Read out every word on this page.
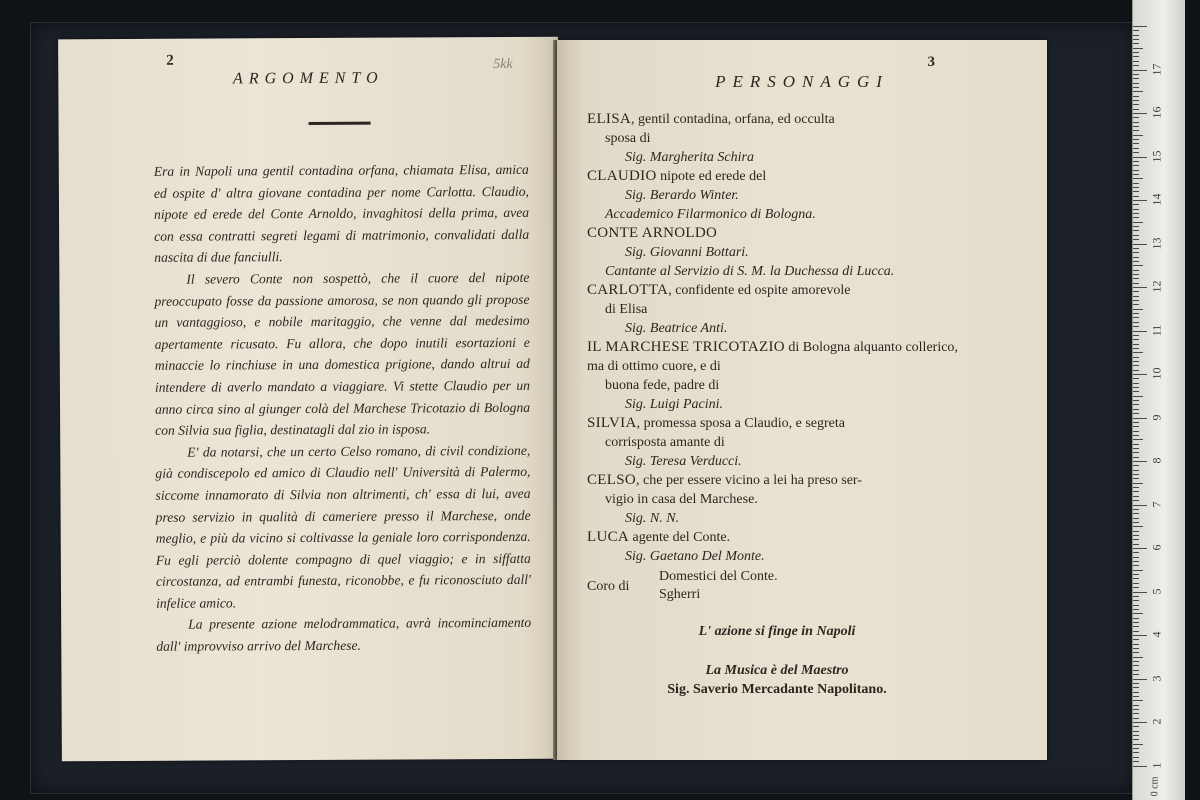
2
ARGOMENTO
5kk

Era in Napoli una gentil contadina orfana, chiamata Elisa, amica ed ospite d' altra giovane contadina per nome Carlotta. Claudio, nipote ed erede del Conte Arnoldo, invaghitosi della prima, avea con essa contratti segreti legami di matrimonio, convalidati dalla nascita di due fanciulli.

Il severo Conte non sospettò, che il cuore del nipote preoccupato fosse da passione amorosa, se non quando gli propose un vantaggioso, e nobile maritaggio, che venne dal medesimo apertamente ricusato. Fu allora, che dopo inutili esortazioni e minaccie lo rinchiuse in una domestica prigione, dando altrui ad intendere di averlo mandato a viaggiare. Vi stette Claudio per un anno circa sino al giunger colà del Marchese Tricotazio di Bologna con Silvia sua figlia, destinatagli dal zio in isposa.

E' da notarsi, che un certo Celso romano, di civil condizione, già condiscepolo ed amico di Claudio nell' Università di Palermo, siccome innamorato di Silvia non altrimenti, ch' essa di lui, avea preso servizio in qualità di cameriere presso il Marchese, onde meglio, e più da vicino si coltivasse la geniale loro corrispondenza. Fu egli perciò dolente compagno di quel viaggio; e in siffatta circostanza, ad entrambi funesta, riconobbe, e fu riconosciuto dall' infelice amico.

La presente azione melodrammatica, avrà incominciamento dall' improvviso arrivo del Marchese.

3
PERSONAGGI
ELISA, gentil contadina, orfana, ed occulta
sposa di
Sig. Margherita Schira
CLAUDIO nipote ed erede del
Sig. Berardo Winter.
Accademico Filarmonico di Bologna.
CONTE ARNOLDO
Sig. Giovanni Bottari.
Cantante al Servizio di S. M. la Duchessa di Lucca.
CARLOTTA, confidente ed ospite amorevole
di Elisa
Sig. Beatrice Anti.
IL MARCHESE TRICOTAZIO di Bologna alquanto collerico, ma di ottimo cuore, e di
buona fede, padre di
Sig. Luigi Pacini.
SILVIA, promessa sposa a Claudio, e segreta
corrisposta amante di
Sig. Teresa Verducci.
CELSO, che per essere vicino a lei ha preso ser-
vigio in casa del Marchese.
Sig. N. N.
LUCA agente del Conte.
Sig. Gaetano Del Monte.
Coro di
Domestici del Conte.
Sgherri
L' azione si finge in Napoli
La Musica è del Maestro
Sig. Saverio Mercadante Napolitano.
0 cm
17
16
15
14
13
12
11
10
9
8
7
6
5
4
3
2
1
